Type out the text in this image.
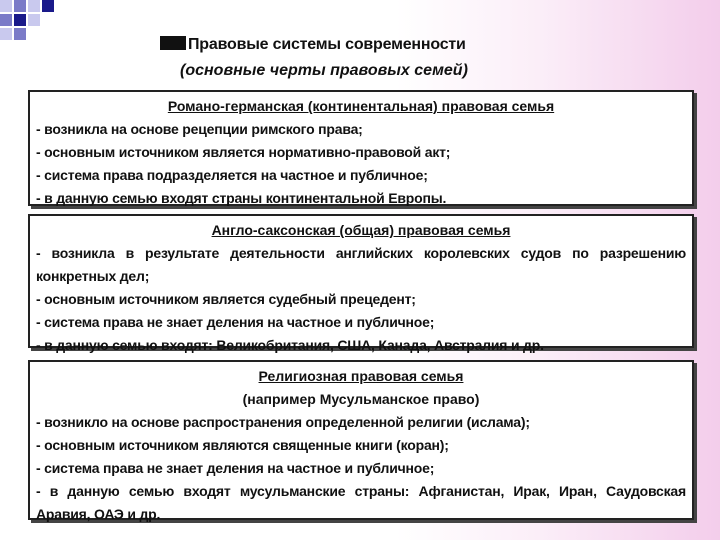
Правовые системы современности
(основные черты правовых семей)
Романо-германская (континентальная) правовая семья
- возникла на основе рецепции римского права;
- основным источником является нормативно-правовой акт;
- система права подразделяется на частное и публичное;
- в данную семью входят страны континентальной Европы.
Англо-саксонская (общая) правовая семья
- возникла в результате деятельности английских королевских судов по разрешению конкретных дел;
- основным источником является судебный прецедент;
- система права не знает деления на частное и публичное;
- в данную семью входят: Великобритания, США, Канада, Австралия и др.
Религиозная правовая семья
(например Мусульманское право)
- возникло на основе распространения определенной религии (ислама);
- основным источником являются священные книги (коран);
- система права не знает деления на частное и публичное;
- в данную семью входят мусульманские страны: Афганистан, Ирак, Иран, Саудовская Аравия, ОАЭ и др.
